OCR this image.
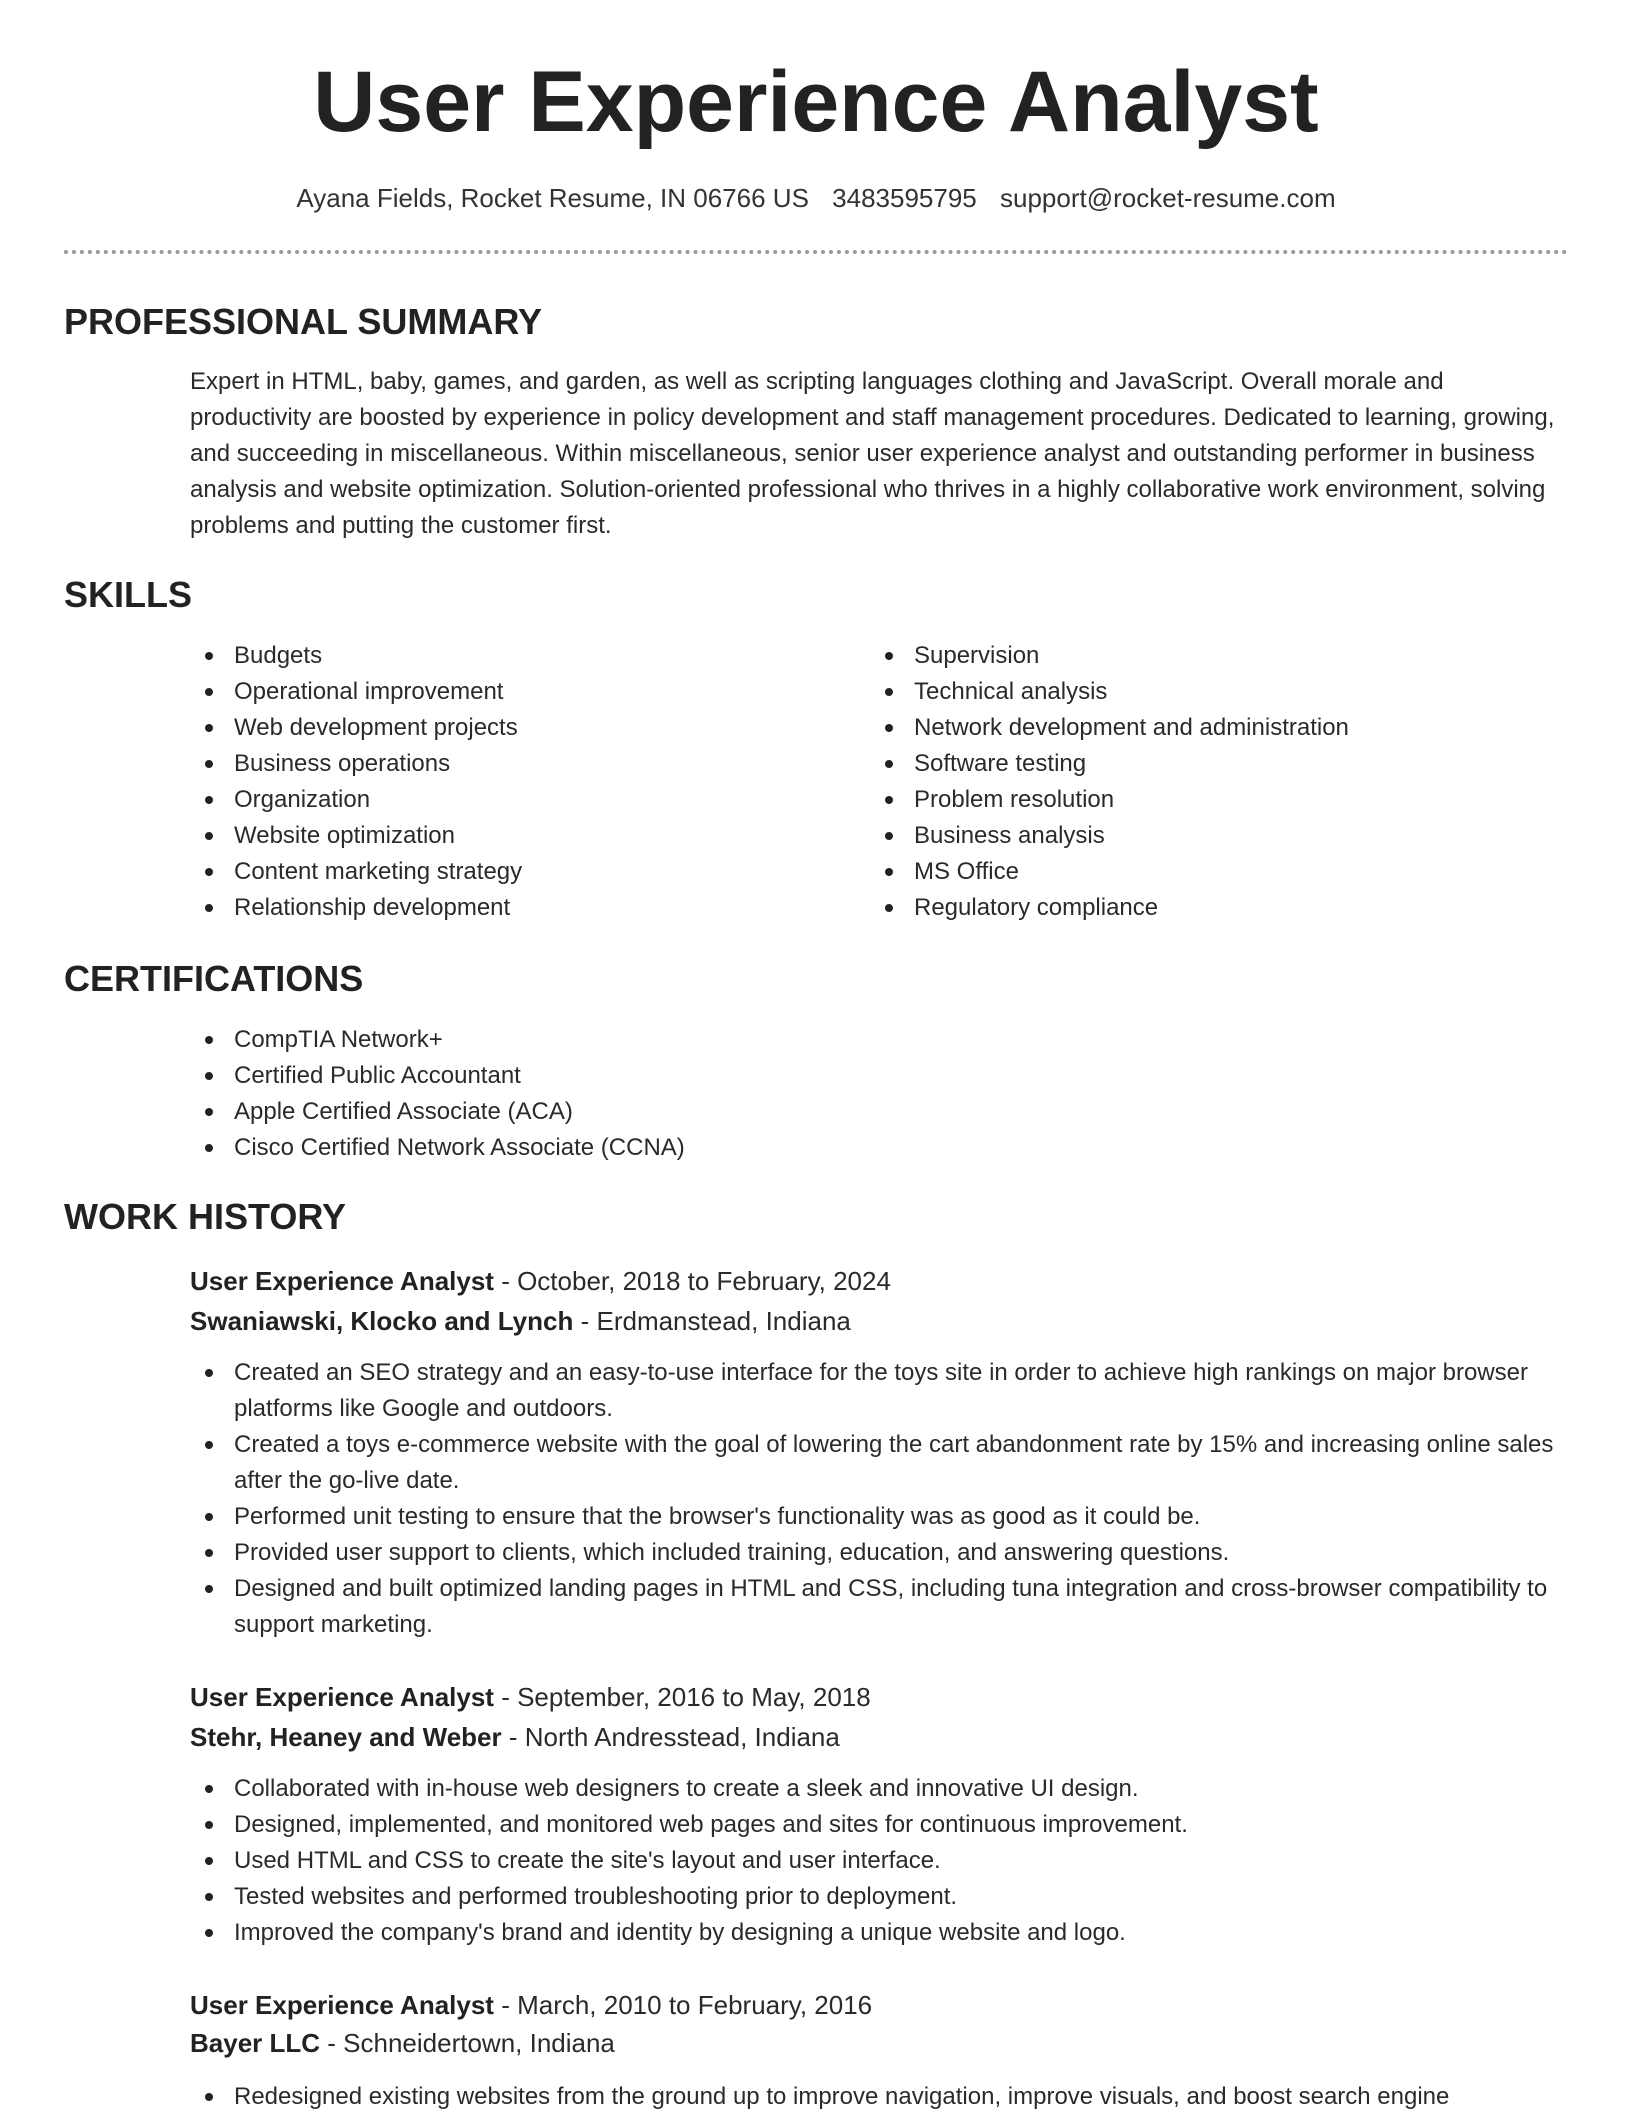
User Experience Analyst
Ayana Fields, Rocket Resume, IN 06766 US 3483595795 support@rocket-resume.com
PROFESSIONAL SUMMARY
Expert in HTML, baby, games, and garden, as well as scripting languages clothing and JavaScript. Overall morale and productivity are boosted by experience in policy development and staff management procedures. Dedicated to learning, growing, and succeeding in miscellaneous. Within miscellaneous, senior user experience analyst and outstanding performer in business analysis and website optimization. Solution-oriented professional who thrives in a highly collaborative work environment, solving problems and putting the customer first.
SKILLS
Budgets
Operational improvement
Web development projects
Business operations
Organization
Website optimization
Content marketing strategy
Relationship development
Supervision
Technical analysis
Network development and administration
Software testing
Problem resolution
Business analysis
MS Office
Regulatory compliance
CERTIFICATIONS
CompTIA Network+
Certified Public Accountant
Apple Certified Associate (ACA)
Cisco Certified Network Associate (CCNA)
WORK HISTORY
User Experience Analyst - October, 2018 to February, 2024
Swaniawski, Klocko and Lynch - Erdmanstead, Indiana
Created an SEO strategy and an easy-to-use interface for the toys site in order to achieve high rankings on major browser platforms like Google and outdoors.
Created a toys e-commerce website with the goal of lowering the cart abandonment rate by 15% and increasing online sales after the go-live date.
Performed unit testing to ensure that the browser's functionality was as good as it could be.
Provided user support to clients, which included training, education, and answering questions.
Designed and built optimized landing pages in HTML and CSS, including tuna integration and cross-browser compatibility to support marketing.
User Experience Analyst - September, 2016 to May, 2018
Stehr, Heaney and Weber - North Andresstead, Indiana
Collaborated with in-house web designers to create a sleek and innovative UI design.
Designed, implemented, and monitored web pages and sites for continuous improvement.
Used HTML and CSS to create the site's layout and user interface.
Tested websites and performed troubleshooting prior to deployment.
Improved the company's brand and identity by designing a unique website and logo.
User Experience Analyst - March, 2010 to February, 2016
Bayer LLC - Schneidertown, Indiana
Redesigned existing websites from the ground up to improve navigation, improve visuals, and boost search engine
